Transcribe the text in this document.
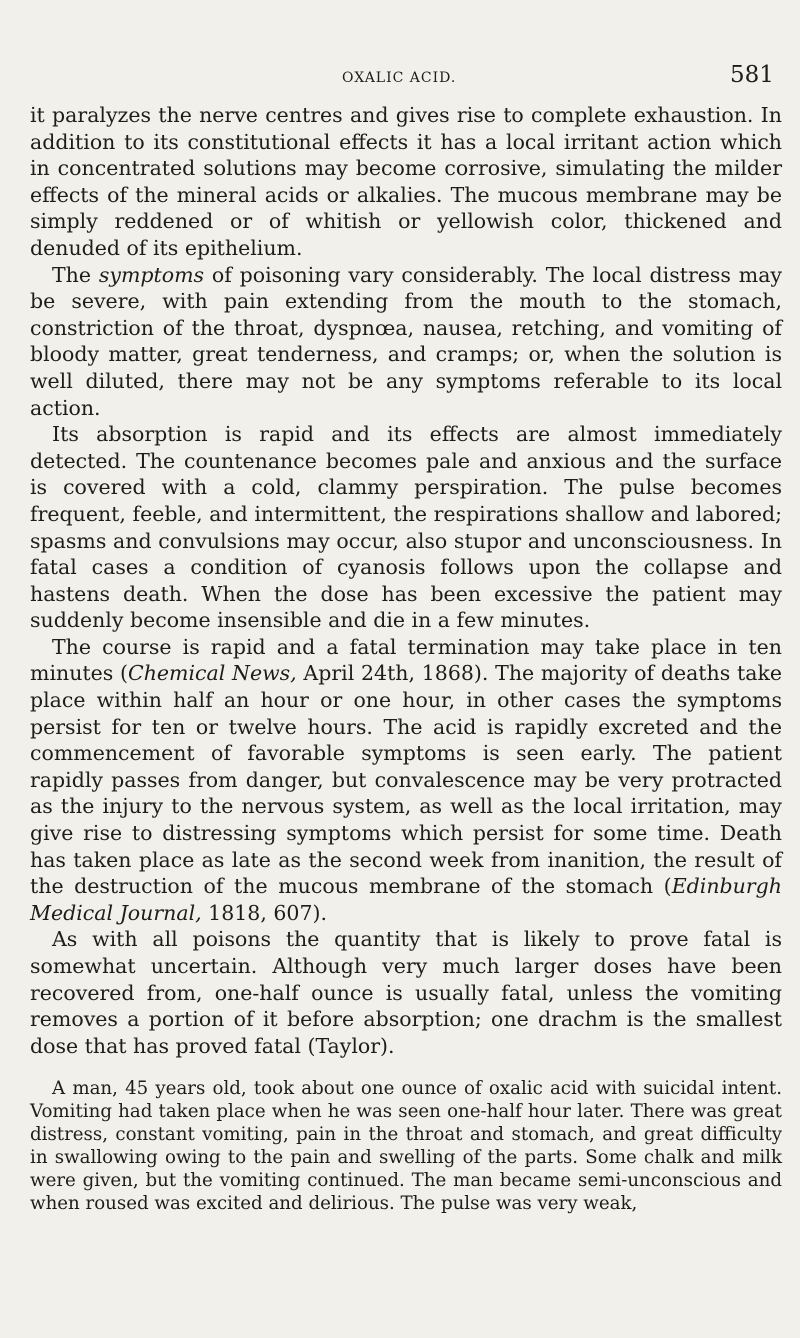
OXALIC ACID.	581

it paralyzes the nerve centres and gives rise to complete exhaustion. In addition to its constitutional effects it has a local irritant action which in concentrated solutions may become corrosive, simulating the milder effects of the mineral acids or alkalies. The mucous membrane may be simply reddened or of whitish or yellowish color, thickened and denuded of its epithelium.

The symptoms of poisoning vary considerably. The local distress may be severe, with pain extending from the mouth to the stomach, constriction of the throat, dyspnœa, nausea, retching, and vomiting of bloody matter, great tenderness, and cramps; or, when the solution is well diluted, there may not be any symptoms referable to its local action.

Its absorption is rapid and its effects are almost immediately detected. The countenance becomes pale and anxious and the surface is covered with a cold, clammy perspiration. The pulse becomes frequent, feeble, and intermittent, the respirations shallow and labored; spasms and convulsions may occur, also stupor and unconsciousness. In fatal cases a condition of cyanosis follows upon the collapse and hastens death. When the dose has been excessive the patient may suddenly become insensible and die in a few minutes.

The course is rapid and a fatal termination may take place in ten minutes (Chemical News, April 24th, 1868). The majority of deaths take place within half an hour or one hour, in other cases the symptoms persist for ten or twelve hours. The acid is rapidly excreted and the commencement of favorable symptoms is seen early. The patient rapidly passes from danger, but convalescence may be very protracted as the injury to the nervous system, as well as the local irritation, may give rise to distressing symptoms which persist for some time. Death has taken place as late as the second week from inanition, the result of the destruction of the mucous membrane of the stomach (Edinburgh Medical Journal, 1818, 607).

As with all poisons the quantity that is likely to prove fatal is somewhat uncertain. Although very much larger doses have been recovered from, one-half ounce is usually fatal, unless the vomiting removes a portion of it before absorption; one drachm is the smallest dose that has proved fatal (Taylor).

A man, 45 years old, took about one ounce of oxalic acid with suicidal intent. Vomiting had taken place when he was seen one-half hour later. There was great distress, constant vomiting, pain in the throat and stomach, and great difficulty in swallowing owing to the pain and swelling of the parts. Some chalk and milk were given, but the vomiting continued. The man became semi-unconscious and when roused was excited and delirious. The pulse was very weak,
